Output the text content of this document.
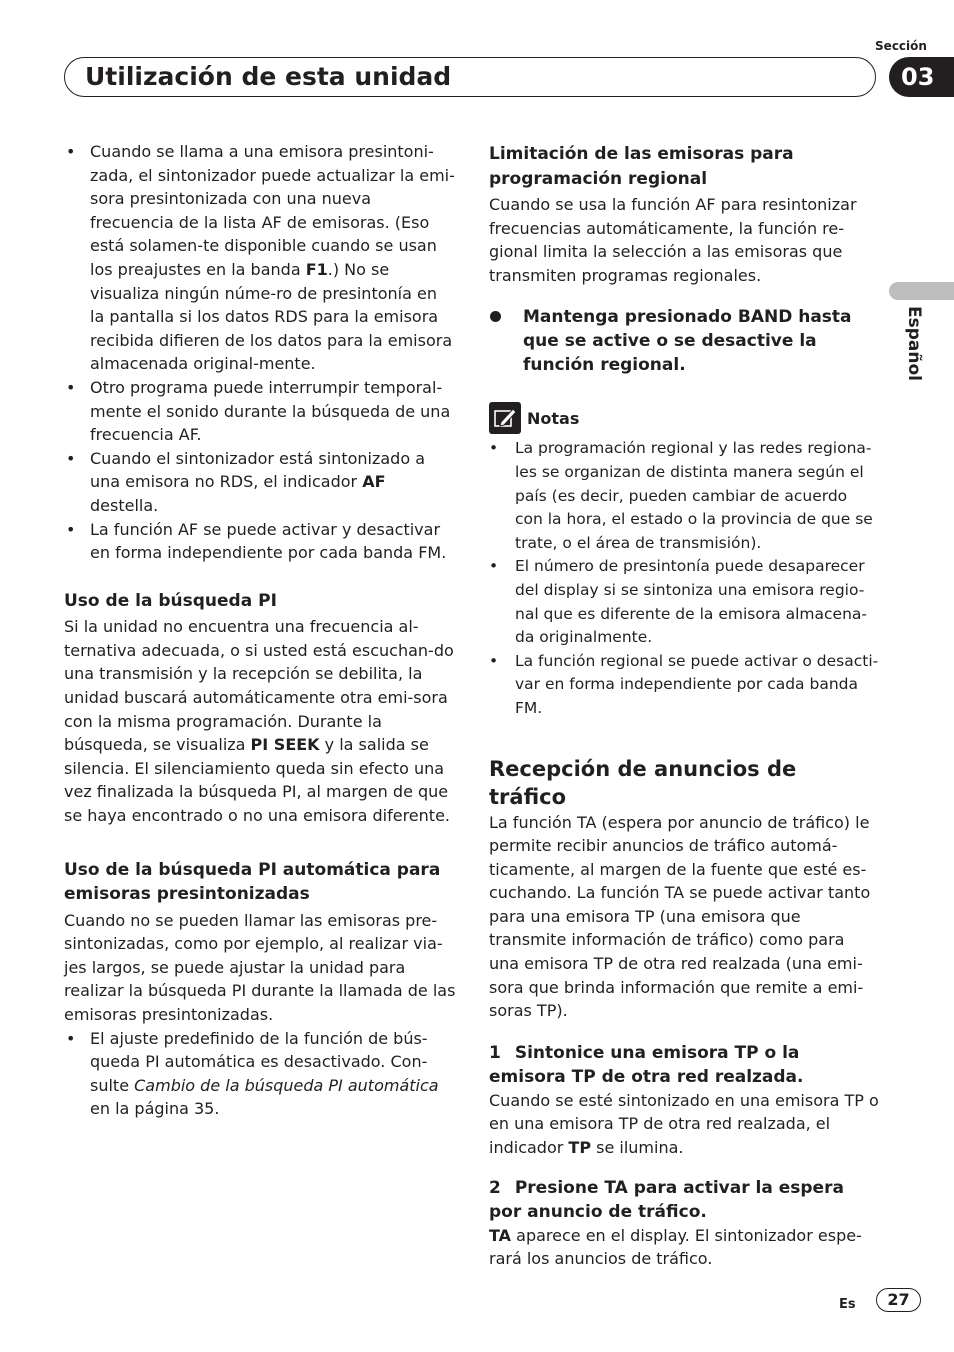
Sección
Utilización de esta unidad	03
Español
• Cuando se llama a una emisora presintoni-zada, el sintonizador puede actualizar la emi-sora presintonizada con una nueva frecuencia de la lista AF de emisoras. (Eso está solamen-te disponible cuando se usan los preajustes en la banda F1.) No se visualiza ningún núme-ro de presintonía en la pantalla si los datos RDS para la emisora recibida difieren de los datos para la emisora almacenada original-mente.
• Otro programa puede interrumpir temporal-mente el sonido durante la búsqueda de una frecuencia AF.
• Cuando el sintonizador está sintonizado a una emisora no RDS, el indicador AF destella.
• La función AF se puede activar y desactivar en forma independiente por cada banda FM.
Uso de la búsqueda PI

Si la unidad no encuentra una frecuencia al-ternativa adecuada, o si usted está escuchan-do una transmisión y la recepción se debilita, la unidad buscará automáticamente otra emi-sora con la misma programación. Durante la búsqueda, se visualiza PI SEEK y la salida se silencia. El silenciamiento queda sin efecto una vez finalizada la búsqueda PI, al margen de que se haya encontrado o no una emisora diferente.

Uso de la búsqueda PI automática para emisoras presintonizadas

Cuando no se pueden llamar las emisoras pre-sintonizadas, como por ejemplo, al realizar via-jes largos, se puede ajustar la unidad para realizar la búsqueda PI durante la llamada de las emisoras presintonizadas.

• El ajuste predefinido de la función de bús-queda PI automática es desactivado. Con-sulte Cambio de la búsqueda PI automática en la página 35.
Limitación de las emisoras para programación regional

Cuando se usa la función AF para resintonizar frecuencias automáticamente, la función re-gional limita la selección a las emisoras que transmiten programas regionales.

Mantenga presionado BAND hasta que se active o se desactive la función regional.
Notas
• La programación regional y las redes regiona-les se organizan de distinta manera según el país (es decir, pueden cambiar de acuerdo con la hora, el estado o la provincia de que se trate, o el área de transmisión).
• El número de presintonía puede desaparecer del display si se sintoniza una emisora regio-nal que es diferente de la emisora almacena-da originalmente.
• La función regional se puede activar o desacti-var en forma independiente por cada banda FM.
Recepción de anuncios de tráfico

La función TA (espera por anuncio de tráfico) le permite recibir anuncios de tráfico automá-ticamente, al margen de la fuente que esté es-cuchando. La función TA se puede activar tanto para una emisora TP (una emisora que transmite información de tráfico) como para una emisora TP de otra red realzada (una emi-sora que brinda información que remite a emi-soras TP).

1 Sintonice una emisora TP o la emisora TP de otra red realzada.

Cuando se esté sintonizado en una emisora TP o en una emisora TP de otra red realzada, el indicador TP se ilumina.

2 Presione TA para activar la espera por anuncio de tráfico.

TA aparece en el display. El sintonizador espe-rará los anuncios de tráfico.

Es	27
